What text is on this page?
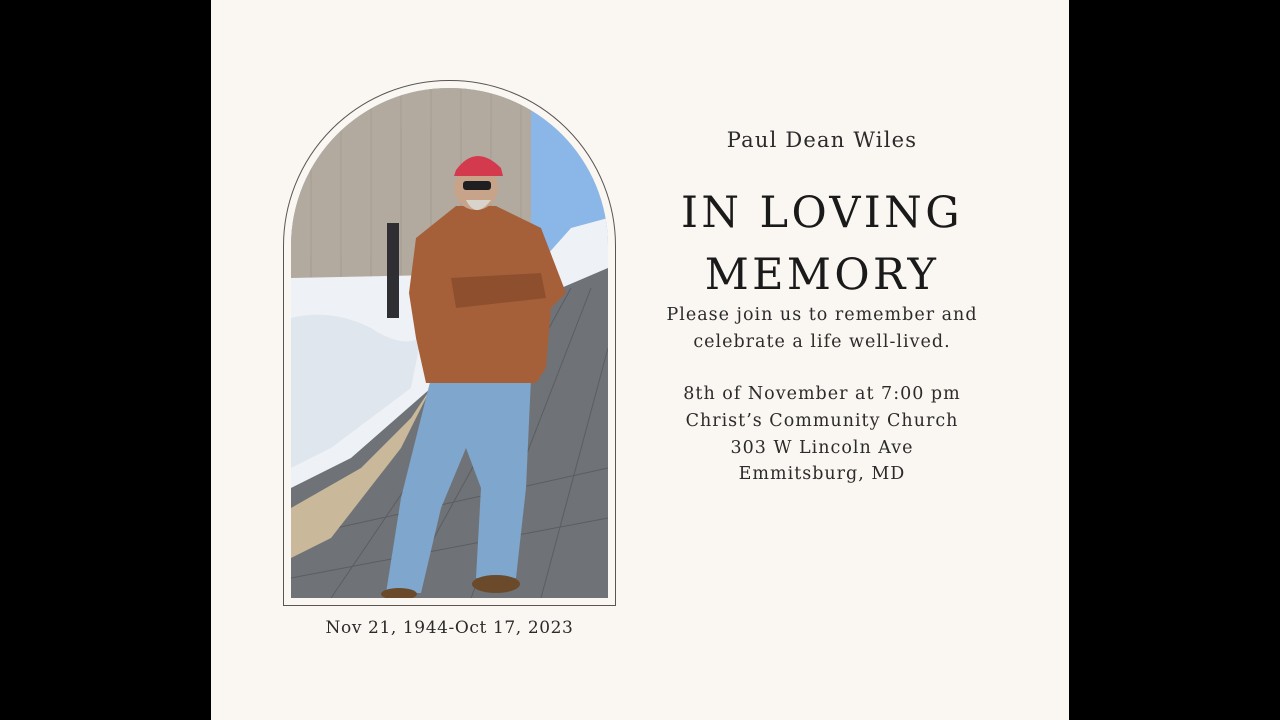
Nov 21, 1944-Oct 17, 2023
Paul Dean Wiles
IN LOVING
MEMORY
Please join us to remember and
celebrate a life well-lived.
8th of November at 7:00 pm
Christ’s Community Church
303 W Lincoln Ave
Emmitsburg, MD
